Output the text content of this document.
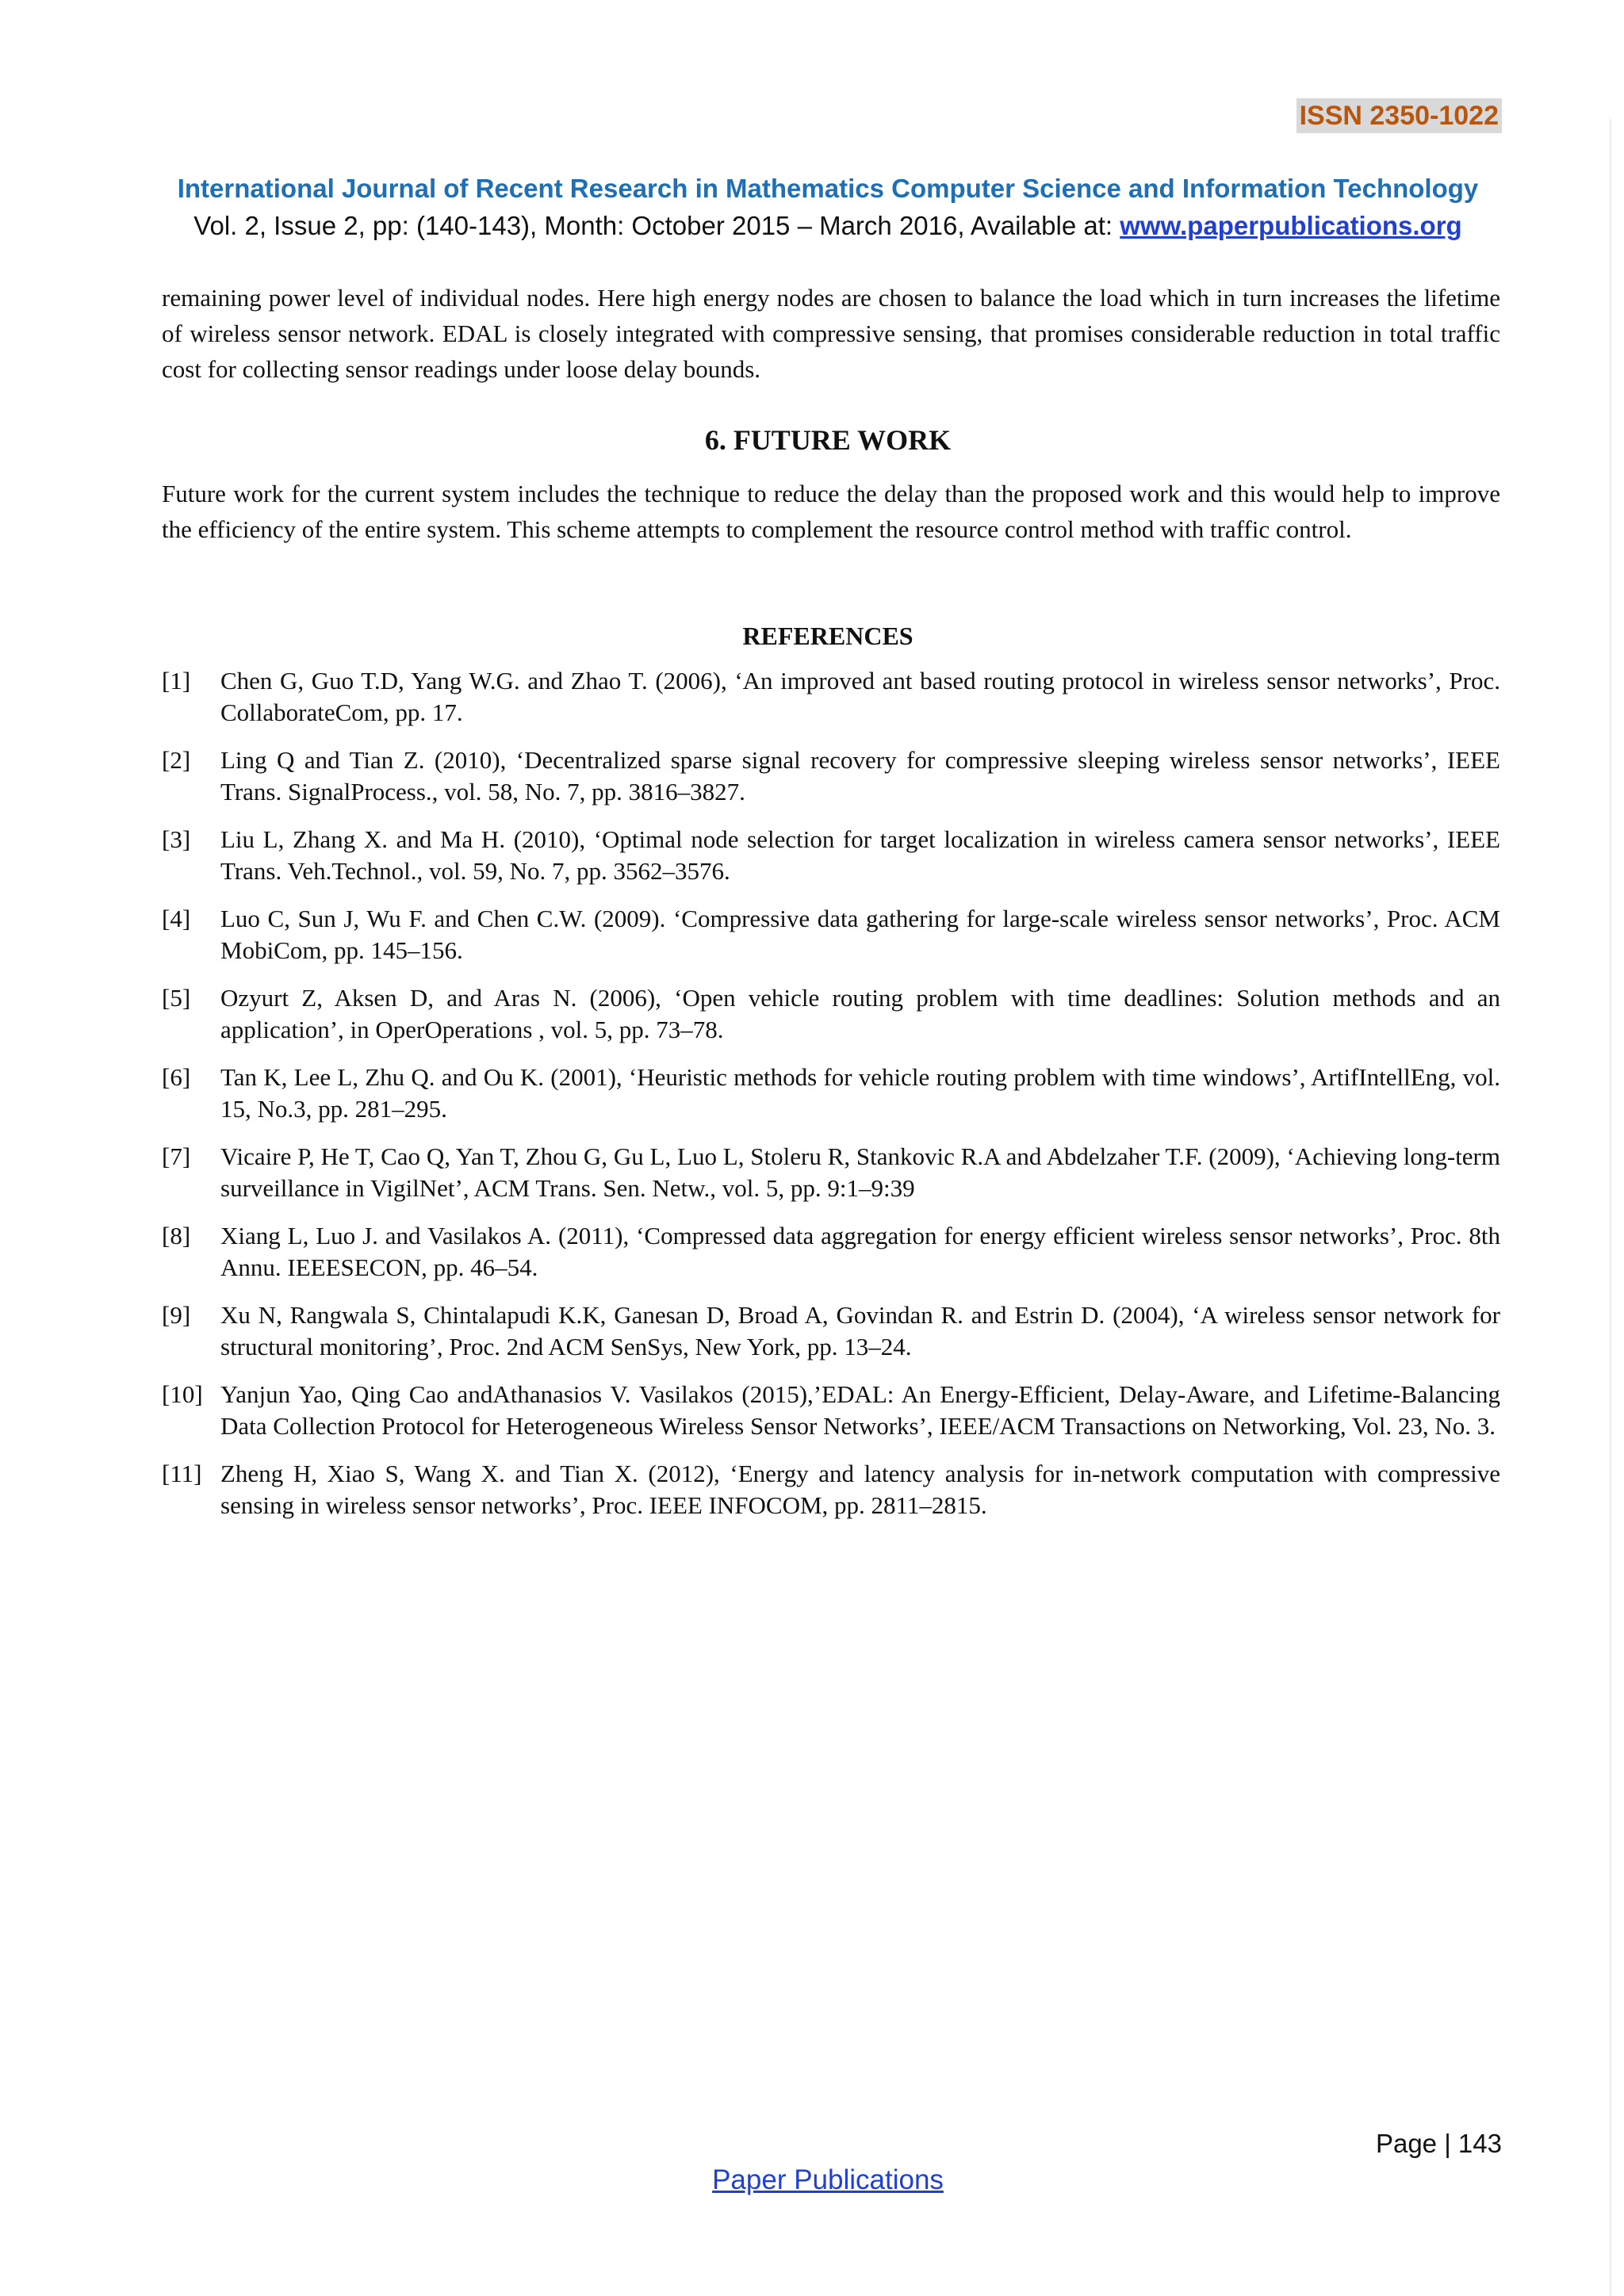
ISSN 2350-1022
International Journal of Recent Research in Mathematics Computer Science and Information Technology
Vol. 2, Issue 2, pp: (140-143), Month: October 2015 – March 2016, Available at: www.paperpublications.org

remaining power level of individual nodes. Here high energy nodes are chosen to balance the load which in turn increases the lifetime of wireless sensor network. EDAL is closely integrated with compressive sensing, that promises considerable reduction in total traffic cost for collecting sensor readings under loose delay bounds.

6. FUTURE WORK

Future work for the current system includes the technique to reduce the delay than the proposed work and this would help to improve the efficiency of the entire system. This scheme attempts to complement the resource control method with traffic control.

REFERENCES
[1] Chen G, Guo T.D, Yang W.G. and Zhao T. (2006), ‘An improved ant based routing protocol in wireless sensor networks’, Proc. CollaborateCom, pp. 17.
[2] Ling Q and Tian Z. (2010), ‘Decentralized sparse signal recovery for compressive sleeping wireless sensor networks’, IEEE Trans. SignalProcess., vol. 58, No. 7, pp. 3816–3827.
[3] Liu L, Zhang X. and Ma H. (2010), ‘Optimal node selection for target localization in wireless camera sensor networks’, IEEE Trans. Veh.Technol., vol. 59, No. 7, pp. 3562–3576.
[4] Luo C, Sun J, Wu F. and Chen C.W. (2009). ‘Compressive data gathering for large-scale wireless sensor networks’, Proc. ACM MobiCom, pp. 145–156.
[5] Ozyurt Z, Aksen D, and Aras N. (2006), ‘Open vehicle routing problem with time deadlines: Solution methods and an application’, in OperOperations , vol. 5, pp. 73–78.
[6] Tan K, Lee L, Zhu Q. and Ou K. (2001), ‘Heuristic methods for vehicle routing problem with time windows’, ArtifIntellEng, vol. 15, No.3, pp. 281–295.
[7] Vicaire P, He T, Cao Q, Yan T, Zhou G, Gu L, Luo L, Stoleru R, Stankovic R.A and Abdelzaher T.F. (2009), ‘Achieving long-term surveillance in VigilNet’, ACM Trans. Sen. Netw., vol. 5, pp. 9:1–9:39
[8] Xiang L, Luo J. and Vasilakos A. (2011), ‘Compressed data aggregation for energy efficient wireless sensor networks’, Proc. 8th Annu. IEEESECON, pp. 46–54.
[9] Xu N, Rangwala S, Chintalapudi K.K, Ganesan D, Broad A, Govindan R. and Estrin D. (2004), ‘A wireless sensor network for structural monitoring’, Proc. 2nd ACM SenSys, New York, pp. 13–24.
[10] Yanjun Yao, Qing Cao andAthanasios V. Vasilakos (2015),’EDAL: An Energy-Efficient, Delay-Aware, and Lifetime-Balancing Data Collection Protocol for Heterogeneous Wireless Sensor Networks’, IEEE/ACM Transactions on Networking, Vol. 23, No. 3.
[11] Zheng H, Xiao S, Wang X. and Tian X. (2012), ‘Energy and latency analysis for in-network computation with compressive sensing in wireless sensor networks’, Proc. IEEE INFOCOM, pp. 2811–2815.
Page | 143
Paper Publications
